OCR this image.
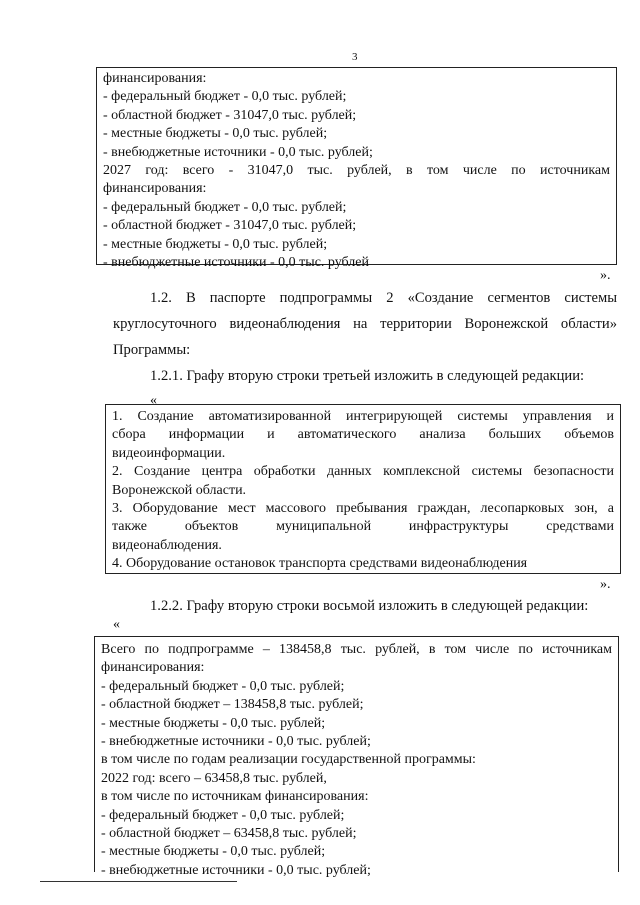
3
финансирования:
- федеральный бюджет - 0,0 тыс. рублей;
- областной бюджет - 31047,0 тыс. рублей;
- местные бюджеты - 0,0 тыс. рублей;
- внебюджетные источники - 0,0 тыс. рублей;
2027 год: всего - 31047,0 тыс. рублей, в том числе по источникам
финансирования:
- федеральный бюджет - 0,0 тыс. рублей;
- областной бюджет - 31047,0 тыс. рублей;
- местные бюджеты - 0,0 тыс. рублей;
- внебюджетные источники - 0,0 тыс. рублей
».
1.2. В паспорте подпрограммы 2 «Создание сегментов системы
круглосуточного видеонаблюдения на территории Воронежской области»
Программы:
1.2.1. Графу вторую строки третьей изложить в следующей редакции:
«
1. Создание автоматизированной интегрирующей системы управления и
сбора информации и автоматического анализа больших объемов
видеоинформации.
2. Создание центра обработки данных комплексной системы безопасности
Воронежской области.
3. Оборудование мест массового пребывания граждан, лесопарковых зон, а
также объектов муниципальной инфраструктуры средствами
видеонаблюдения.
4. Оборудование остановок транспорта средствами видеонаблюдения
».
1.2.2. Графу вторую строки восьмой изложить в следующей редакции:
«
Всего по подпрограмме – 138458,8 тыс. рублей, в том числе по источникам
финансирования:
- федеральный бюджет - 0,0 тыс. рублей;
- областной бюджет – 138458,8 тыс. рублей;
- местные бюджеты - 0,0 тыс. рублей;
- внебюджетные источники - 0,0 тыс. рублей;
в том числе по годам реализации государственной программы:
2022 год: всего – 63458,8 тыс. рублей,
в том числе по источникам финансирования:
- федеральный бюджет - 0,0 тыс. рублей;
- областной бюджет – 63458,8 тыс. рублей;
- местные бюджеты - 0,0 тыс. рублей;
- внебюджетные источники - 0,0 тыс. рублей;
